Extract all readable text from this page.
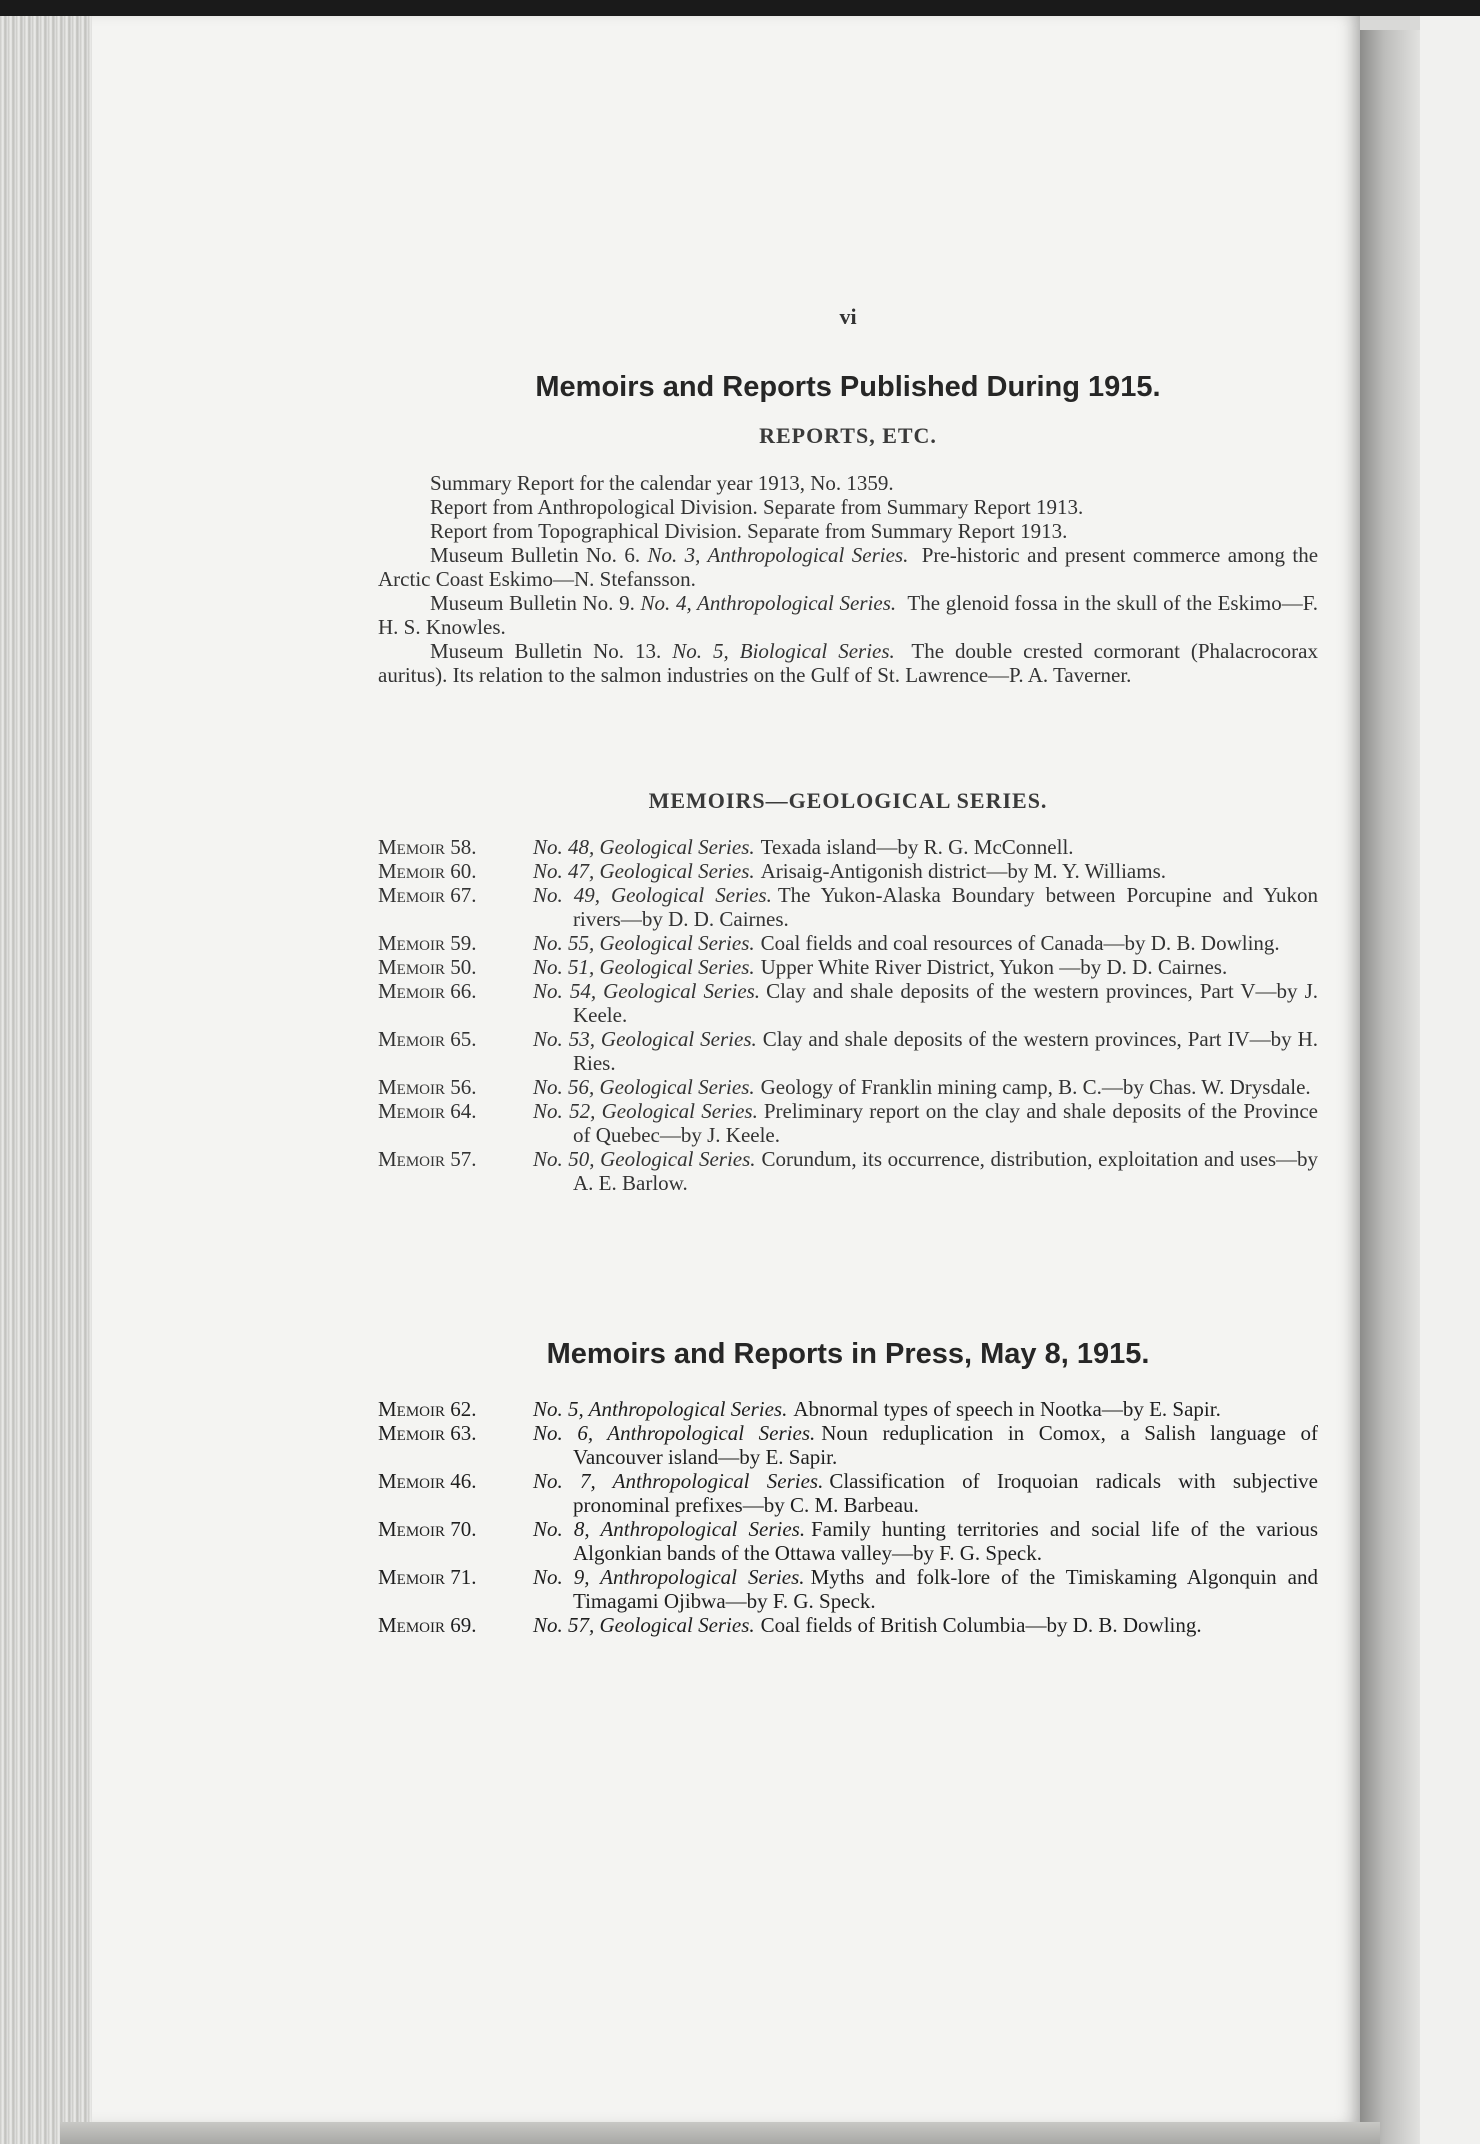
vi
Memoirs and Reports Published During 1915.
REPORTS, ETC.

Summary Report for the calendar year 1913, No. 1359.

Report from Anthropological Division. Separate from Summary Report 1913.

Report from Topographical Division. Separate from Summary Report 1913.

Museum Bulletin No. 6. No. 3, Anthropological Series. Pre-historic and present commerce among the Arctic Coast Eskimo—N. Stefansson.

Museum Bulletin No. 9. No. 4, Anthropological Series. The glenoid fossa in the skull of the Eskimo—F. H. S. Knowles.

Museum Bulletin No. 13. No. 5, Biological Series. The double crested cormorant (Phalacrocorax auritus). Its relation to the salmon industries on the Gulf of St. Lawrence—P. A. Taverner.

MEMOIRS—GEOLOGICAL SERIES.
Memoir 58.	No. 48, Geological Series. Texada island—by R. G. McConnell.
Memoir 60.	No. 47, Geological Series. Arisaig-Antigonish district—by M. Y. Williams.
Memoir 67.	No. 49, Geological Series. The Yukon-Alaska Boundary between Porcupine and Yukon rivers—by D. D. Cairnes.
Memoir 59.	No. 55, Geological Series. Coal fields and coal resources of Canada—by D. B. Dowling.
Memoir 50.	No. 51, Geological Series. Upper White River District, Yukon —by D. D. Cairnes.
Memoir 66.	No. 54, Geological Series. Clay and shale deposits of the western provinces, Part V—by J. Keele.
Memoir 65.	No. 53, Geological Series. Clay and shale deposits of the western provinces, Part IV—by H. Ries.
Memoir 56.	No. 56, Geological Series. Geology of Franklin mining camp, B. C.—by Chas. W. Drysdale.
Memoir 64.	No. 52, Geological Series. Preliminary report on the clay and shale deposits of the Province of Quebec—by J. Keele.
Memoir 57.	No. 50, Geological Series. Corundum, its occurrence, distribution, exploitation and uses—by A. E. Barlow.
Memoirs and Reports in Press, May 8, 1915.
Memoir 62.	No. 5, Anthropological Series. Abnormal types of speech in Nootka—by E. Sapir.
Memoir 63.	No. 6, Anthropological Series. Noun reduplication in Comox, a Salish language of Vancouver island—by E. Sapir.
Memoir 46.	No. 7, Anthropological Series. Classification of Iroquoian radicals with subjective pronominal prefixes—by C. M. Barbeau.
Memoir 70.	No. 8, Anthropological Series. Family hunting territories and social life of the various Algonkian bands of the Ottawa valley—by F. G. Speck.
Memoir 71.	No. 9, Anthropological Series. Myths and folk-lore of the Timiskaming Algonquin and Timagami Ojibwa—by F. G. Speck.
Memoir 69.	No. 57, Geological Series. Coal fields of British Columbia—by D. B. Dowling.
